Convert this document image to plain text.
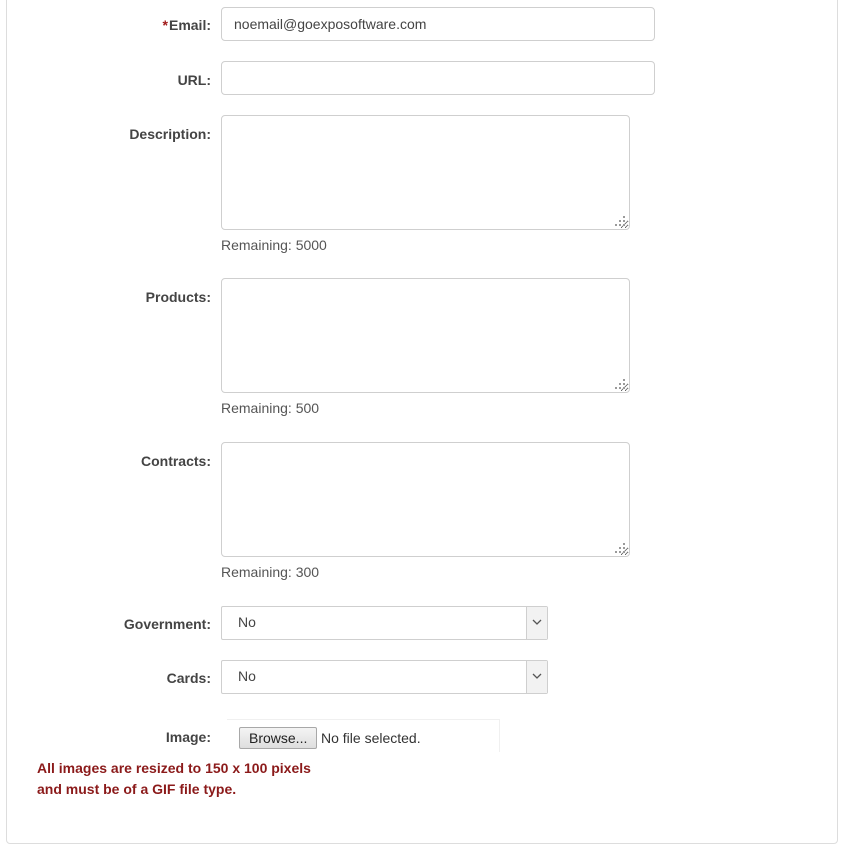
*Email:
noemail@goexposoftware.com
URL:
Description:
Remaining: 5000
Products:
Remaining: 500
Contracts:
Remaining: 300
Government: No
Cards: No
Image:	Browse... No file selected.
All images are resized to 150 x 100 pixels
and must be of a GIF file type.
